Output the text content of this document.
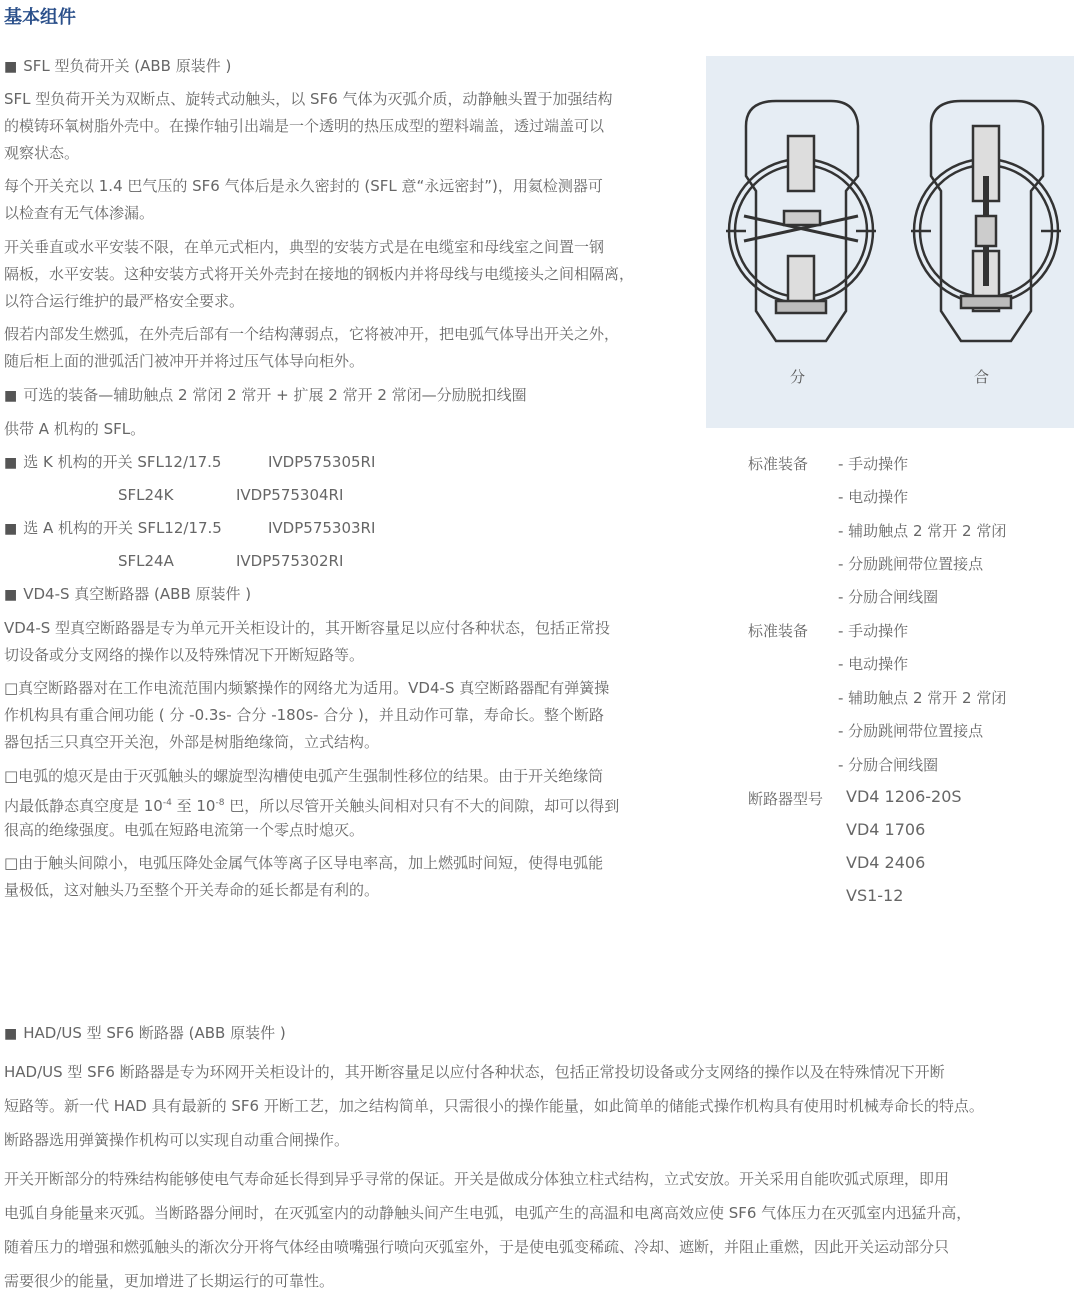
基本组件
■ SFL 型负荷开关 (ABB 原装件 )
SFL 型负荷开关为双断点、旋转式动触头，以 SF6 气体为灭弧介质，动静触头置于加强结构
的模铸环氧树脂外壳中。在操作轴引出端是一个透明的热压成型的塑料端盖，透过端盖可以
观察状态。
每个开关充以 1.4 巴气压的 SF6 气体后是永久密封的 (SFL 意“永远密封”)，用氦检测器可
以检查有无气体渗漏。
开关垂直或水平安装不限，在单元式柜内，典型的安装方式是在电缆室和母线室之间置一钢
隔板，水平安装。这种安装方式将开关外壳封在接地的钢板内并将母线与电缆接头之间相隔离，
以符合运行维护的最严格安全要求。
假若内部发生燃弧，在外壳后部有一个结构薄弱点，它将被冲开，把电弧气体导出开关之外，
随后柜上面的泄弧活门被冲开并将过压气体导向柜外。
■ 可选的装备—辅助触点 2 常闭 2 常开 + 扩展 2 常开 2 常闭—分励脱扣线圈
供带 A 机构的 SFL。
■ 选 K 机构的开关 SFL12/17.5	IVDP575305RI
SFL24K	IVDP575304RI
■ 选 A 机构的开关 SFL12/17.5	IVDP575303RI
SFL24A	IVDP575302RI
■ VD4-S 真空断路器 (ABB 原装件 )
VD4-S 型真空断路器是专为单元开关柜设计的，其开断容量足以应付各种状态，包括正常投
切设备或分支网络的操作以及特殊情况下开断短路等。
□真空断路器对在工作电流范围内频繁操作的网络尤为适用。VD4-S 真空断路器配有弹簧操
作机构具有重合闸功能 ( 分 -0.3s- 合分 -180s- 合分 )，并且动作可靠，寿命长。整个断路
器包括三只真空开关泡，外部是树脂绝缘筒，立式结构。
□电弧的熄灭是由于灭弧触头的螺旋型沟槽使电弧产生强制性移位的结果。由于开关绝缘筒
内最低静态真空度是 $10^{-4}$ 至 $10^{-8}$ 巴，所以尽管开关触头间相对只有不大的间隙，却可以得到
很高的绝缘强度。电弧在短路电流第一个零点时熄灭。
□由于触头间隙小，电弧压降处金属气体等离子区导电率高，加上燃弧时间短，使得电弧能
量极低，这对触头乃至整个开关寿命的延长都是有利的。
分	合
标准装备 - 手动操作
- 电动操作
- 辅助触点 2 常开 2 常闭
- 分励跳闸带位置接点
- 分励合闸线圈
标准装备 - 手动操作
- 电动操作
- 辅助触点 2 常开 2 常闭
- 分励跳闸带位置接点
- 分励合闸线圈
断路器型号 VD4 1206-20S
VD4 1706
VD4 2406
VS1-12
■ HAD/US 型 SF6 断路器 (ABB 原装件 )
HAD/US 型 SF6 断路器是专为环网开关柜设计的，其开断容量足以应付各种状态，包括正常投切设备或分支网络的操作以及在特殊情况下开断
短路等。新一代 HAD 具有最新的 SF6 开断工艺，加之结构简单，只需很小的操作能量，如此简单的储能式操作机构具有使用时机械寿命长的特点。
断路器选用弹簧操作机构可以实现自动重合闸操作。
开关开断部分的特殊结构能够使电气寿命延长得到异乎寻常的保证。开关是做成分体独立柱式结构，立式安放。开关采用自能吹弧式原理，即用
电弧自身能量来灭弧。当断路器分闸时，在灭弧室内的动静触头间产生电弧，电弧产生的高温和电离高效应使 SF6 气体压力在灭弧室内迅猛升高，
随着压力的增强和燃弧触头的渐次分开将气体经由喷嘴强行喷向灭弧室外，于是使电弧变稀疏、冷却、遮断，并阻止重燃，因此开关运动部分只
需要很少的能量，更加增进了长期运行的可靠性。
